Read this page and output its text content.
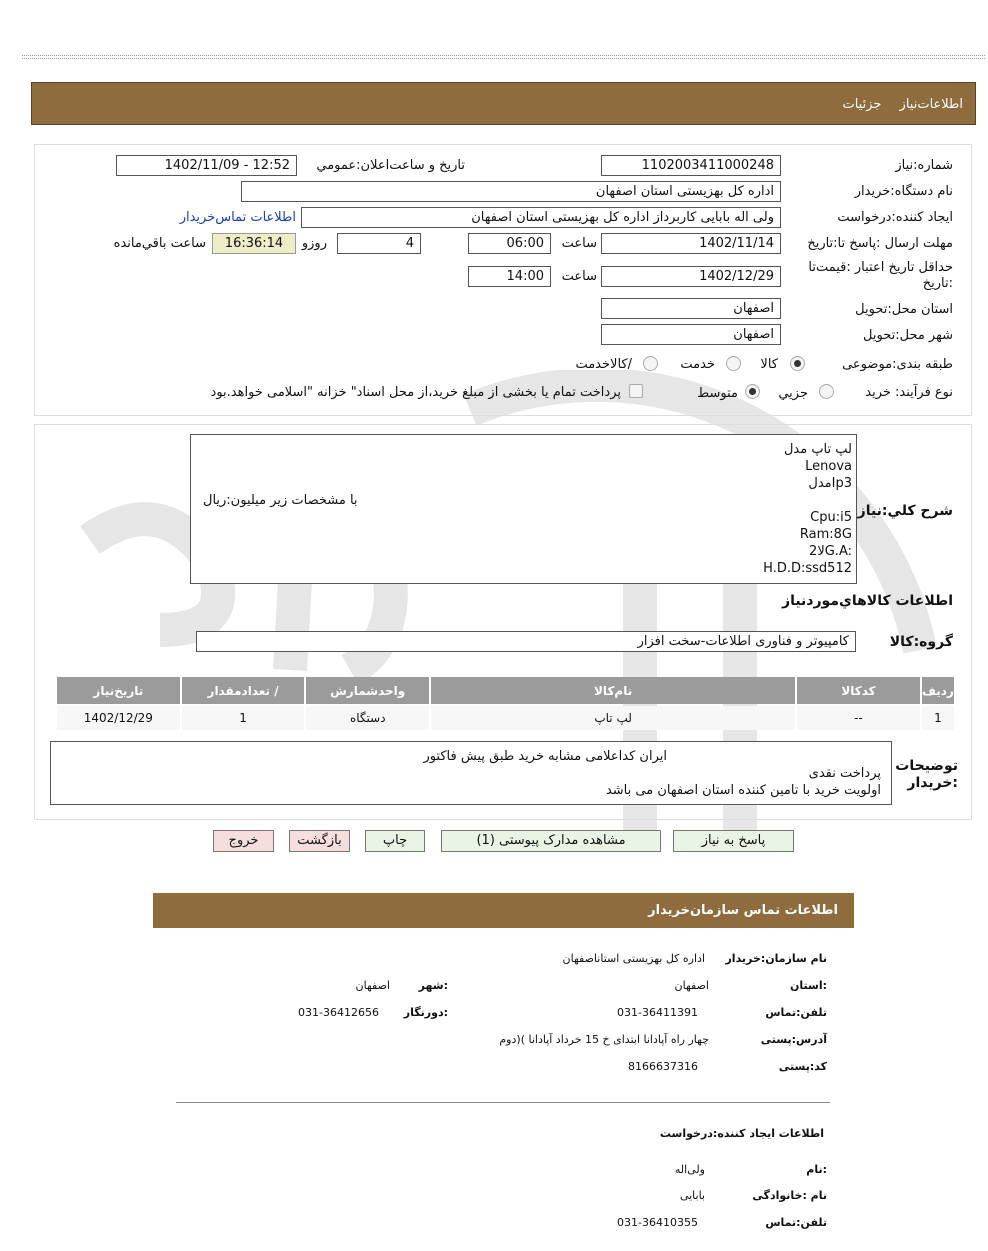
اطلاعات‌نیاز جزئیات
شماره:نیاز
1102003411000248
تاریخ و ساعت‌اعلان:عمومي
1402/11/09 - 12:52
نام دستگاه:خریدار
اداره کل بهزیستی استان اصفهان
ایجاد کننده:درخواست
ولی اله بابایی کاربرداز اداره کل بهزیستی استان اصفهان
اطلاعات تماس‌خریدار
مهلت ارسال :پاسخ تا:تاریخ
1402/11/14
ساعت
06:00
4
روزو
16:36:14
ساعت باقي‌مانده
حداقل تاریخ اعتبار :قیمت‌تا :تاریخ
1402/12/29
ساعت
14:00
استان محل:تحویل
اصفهان
شهر محل:تحویل
اصفهان
طبقه بندی:موضوعی
کالا
خدمت
/کالاخدمت
نوع فرآیند: خرید
جزیي
متوسط
پرداخت تمام یا بخشی از مبلغ خرید،از محل اسناد" خزانه "اسلامی خواهد.بود
شرح کلي:نیاز
لپ تاپ مدل
Lenova
مدلIp3
با مشخصات زیر میلیون:ریال
Cpu:i5
Ram:8G
2لاG.A:
H.D.D:ssd512
اطلاعات کالاهاي‌موردنیاز
گروه:کالا
کامپیوتر و فناوری اطلاعات-سخت افزار
ردیف	کدکالا	نام‌کالا	واحدشمارش	/ تعدادمقدار	تاریخ‌نیاز
1	--	لپ تاپ	دستگاه	1	1402/12/29
توضیحات :خریدار
ایران کداعلامی مشابه خرید طبق پیش فاکتور
پرداخت نقدی
اولویت خرید با تامین کننده استان اصفهان می باشد
پاسخ به نیاز
مشاهده مدارک پیوستی (1)
چاپ
بازگشت
خروج
اطلاعات تماس سازمان‌خریدار
نام سازمان:خریدار
اداره کل بهزیستی استاناصفهان
:استان
اصفهان
:شهر
اصفهان
تلفن:تماس
031-36411391
:دورنگار
031-36412656
آدرس:پستی
چهار راه آپادانا ابتدای خ 15 خرداد آپادانا )(دوم
کد:پستی
8166637316
اطلاعات ایجاد کننده:درخواست
:نام
ولی‌اله
نام :خانوادگی
بابایی
تلفن:تماس
031-36410355
